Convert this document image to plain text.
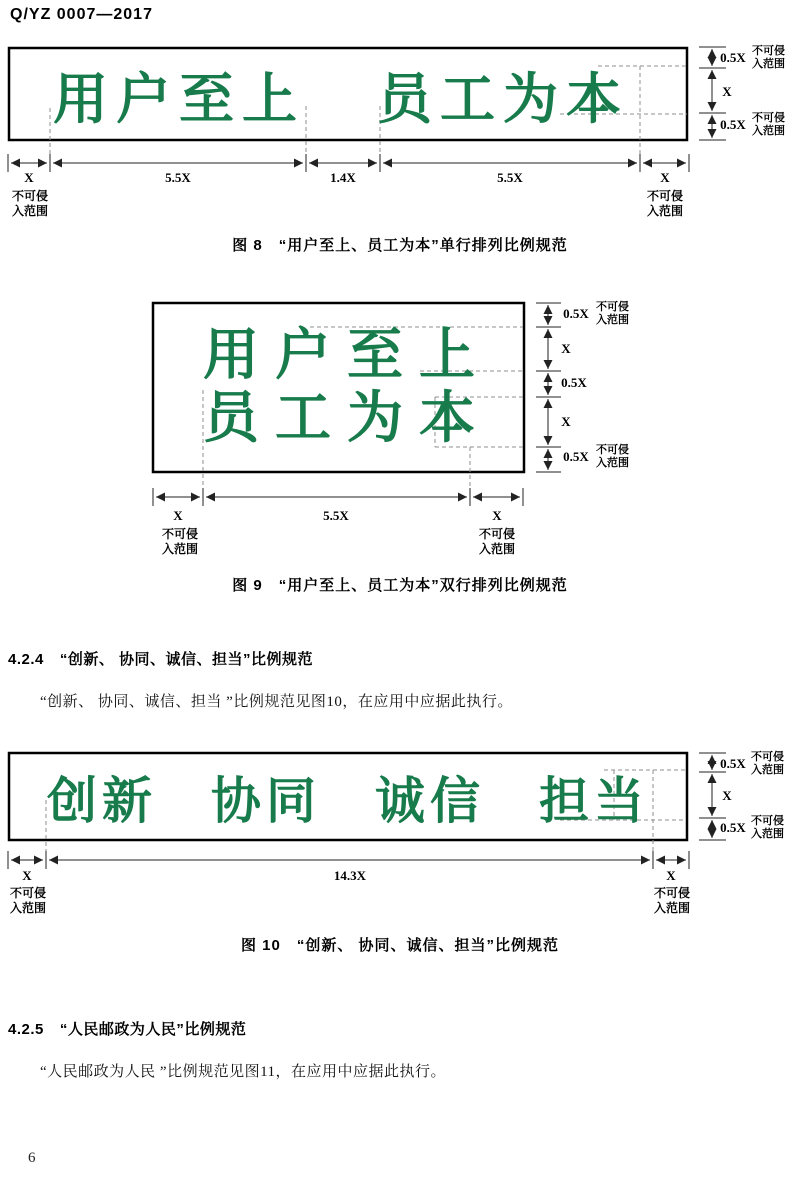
Q/YZ 0007—2017
用户至上 员工为本
0.5X 不可侵入范围
X
0.5X 不可侵入范围
X	5.5X	1.4X	5.5X	X
不可侵入范围
不可侵入范围
图 8　“用户至上、员工为本”单行排列比例规范
用户至上
员工为本
0.5X 不可侵入范围
X
0.5X
X
0.5X 不可侵入范围
X	5.5X	X
不可侵入范围
不可侵入范围
图 9　“用户至上、员工为本”双行排列比例规范
4.2.4 “创新、 协同、诚信、担当”比例规范
“创新、 协同、诚信、担当 ”比例规范见图10，在应用中应据此执行。
创新 协同 诚信 担当
0.5X 不可侵入范围
X
0.5X 不可侵入范围
X	14.3X	X
不可侵入范围
不可侵入范围
图 10　“创新、 协同、诚信、担当”比例规范
4.2.5 “人民邮政为人民”比例规范
“人民邮政为人民 ”比例规范见图11，在应用中应据此执行。
6
